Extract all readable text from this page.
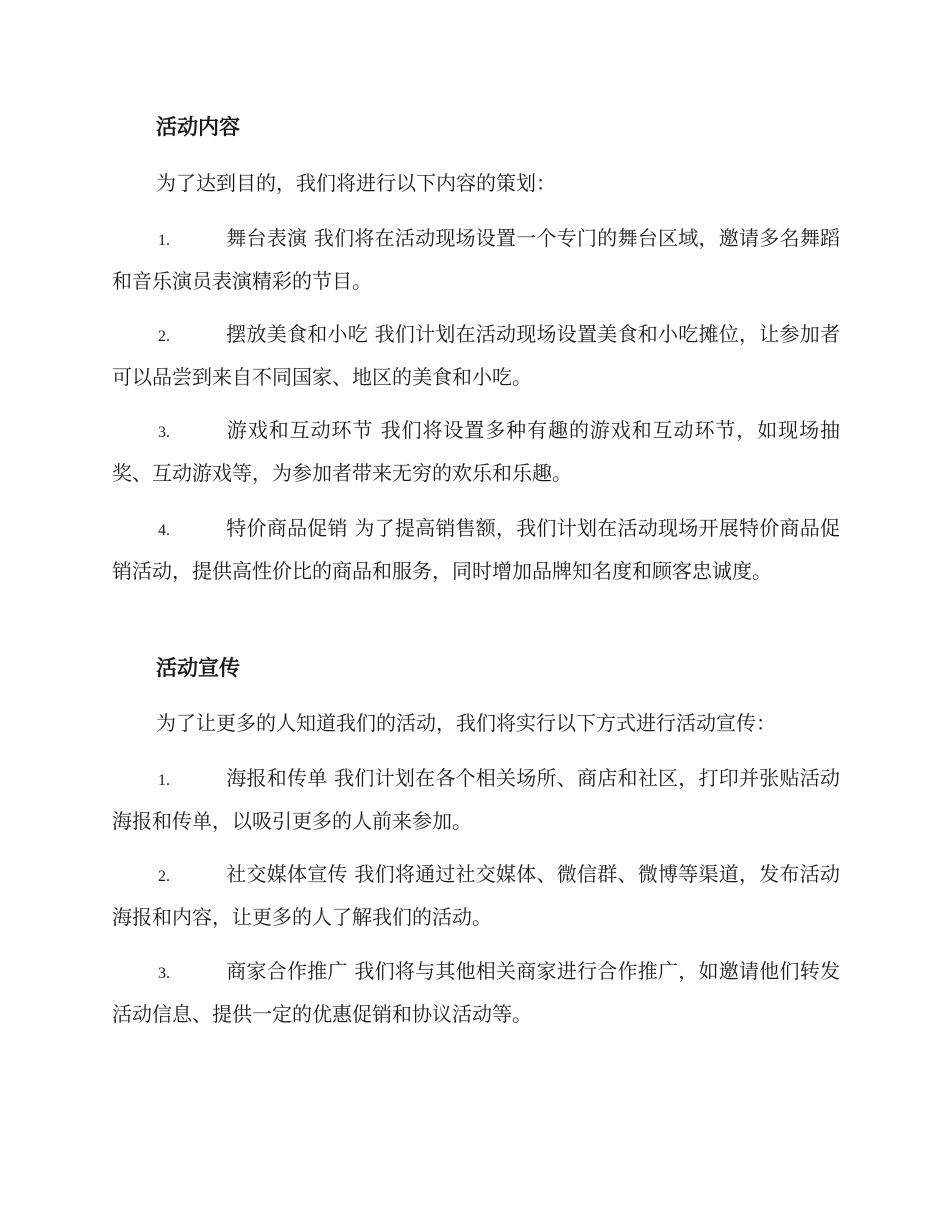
活动内容
为了达到目的，我们将进行以下内容的策划：
1.	舞台表演 我们将在活动现场设置一个专门的舞台区域，邀请多名舞蹈和音乐演员表演精彩的节目。
2.	摆放美食和小吃 我们计划在活动现场设置美食和小吃摊位，让参加者可以品尝到来自不同国家、地区的美食和小吃。
3.	游戏和互动环节 我们将设置多种有趣的游戏和互动环节，如现场抽奖、互动游戏等，为参加者带来无穷的欢乐和乐趣。
4.	特价商品促销 为了提高销售额，我们计划在活动现场开展特价商品促销活动，提供高性价比的商品和服务，同时增加品牌知名度和顾客忠诚度。
活动宣传
为了让更多的人知道我们的活动，我们将实行以下方式进行活动宣传：
1.	海报和传单 我们计划在各个相关场所、商店和社区，打印并张贴活动海报和传单，以吸引更多的人前来参加。
2.	社交媒体宣传 我们将通过社交媒体、微信群、微博等渠道，发布活动海报和内容，让更多的人了解我们的活动。
3.	商家合作推广 我们将与其他相关商家进行合作推广，如邀请他们转发活动信息、提供一定的优惠促销和协议活动等。
